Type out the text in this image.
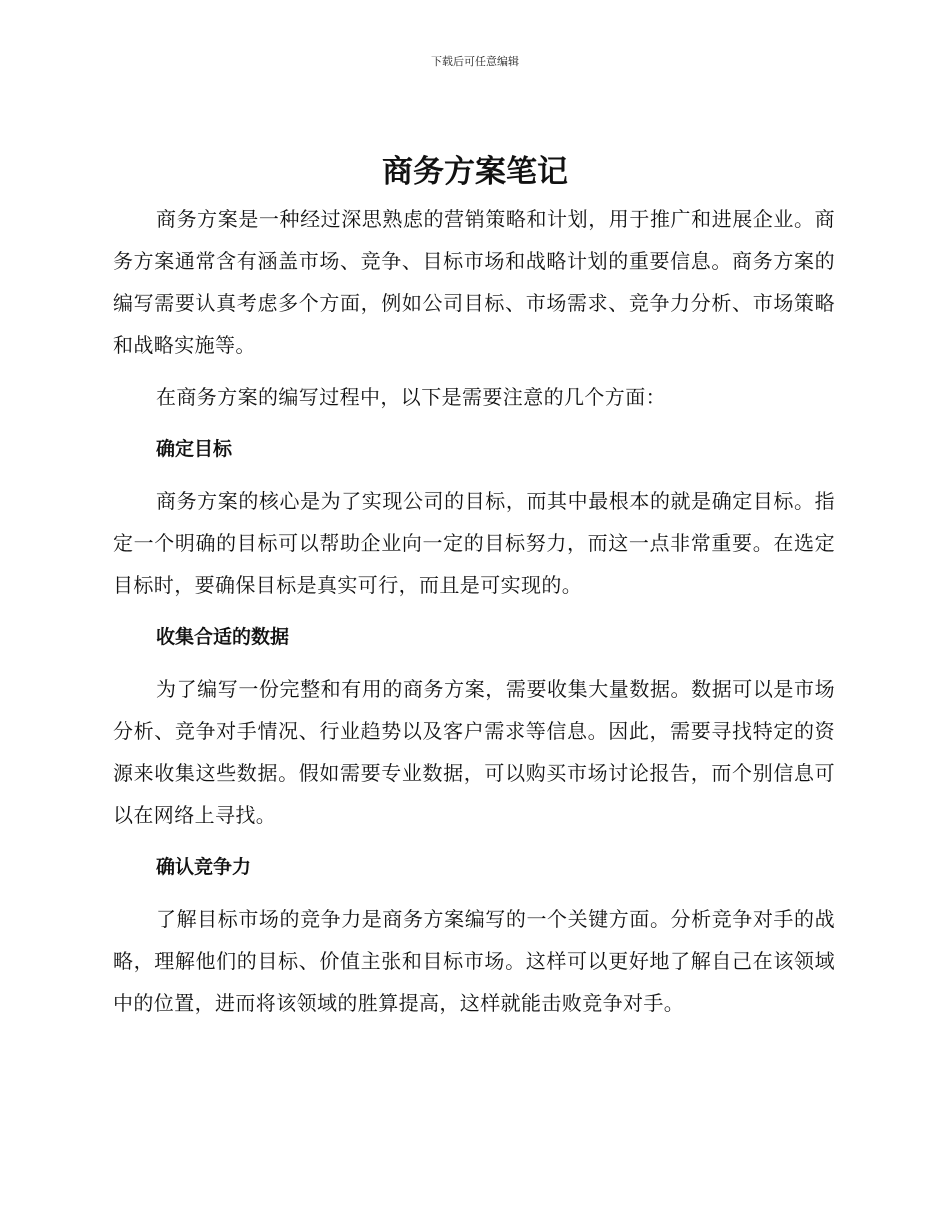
下载后可任意编辑
商务方案笔记

商务方案是一种经过深思熟虑的营销策略和计划，用于推广和进展企业。商务方案通常含有涵盖市场、竞争、目标市场和战略计划的重要信息。商务方案的编写需要认真考虑多个方面，例如公司目标、市场需求、竞争力分析、市场策略和战略实施等。

在商务方案的编写过程中，以下是需要注意的几个方面：

确定目标

商务方案的核心是为了实现公司的目标，而其中最根本的就是确定目标。指定一个明确的目标可以帮助企业向一定的目标努力，而这一点非常重要。在选定目标时，要确保目标是真实可行，而且是可实现的。

收集合适的数据

为了编写一份完整和有用的商务方案，需要收集大量数据。数据可以是市场分析、竞争对手情况、行业趋势以及客户需求等信息。因此，需要寻找特定的资源来收集这些数据。假如需要专业数据，可以购买市场讨论报告，而个别信息可以在网络上寻找。

确认竞争力

了解目标市场的竞争力是商务方案编写的一个关键方面。分析竞争对手的战略，理解他们的目标、价值主张和目标市场。这样可以更好地了解自己在该领域中的位置，进而将该领域的胜算提高，这样就能击败竞争对手。
